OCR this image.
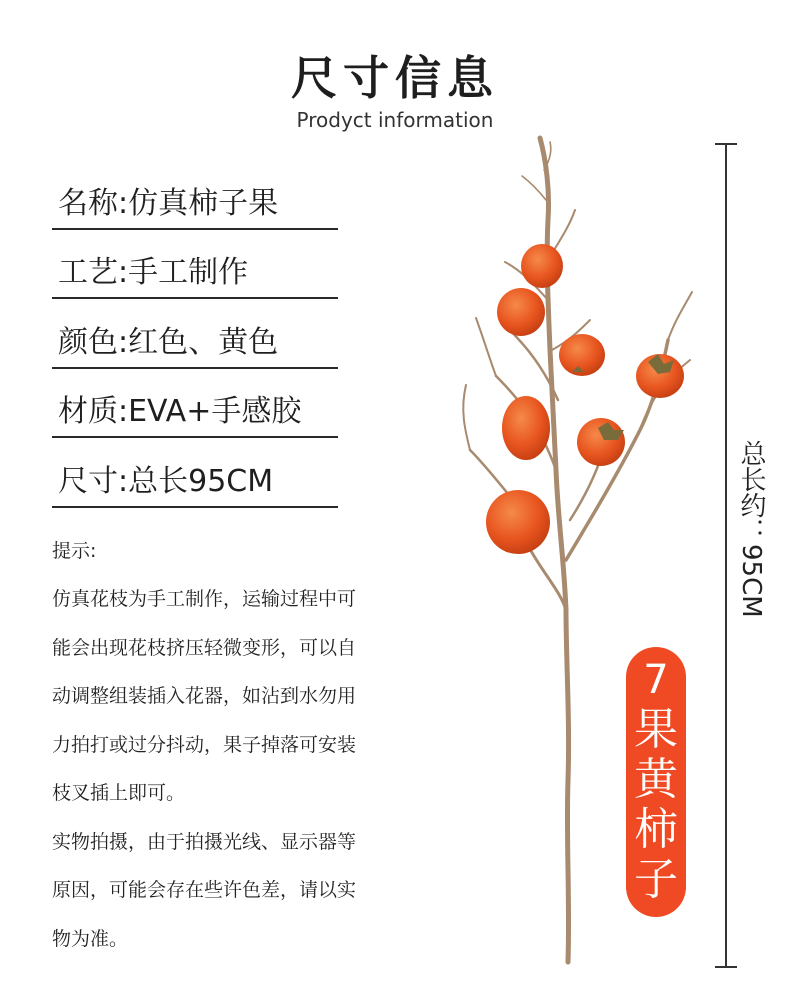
尺寸信息
Prodyct information
名称:仿真柿子果
工艺:手工制作
颜色:红色、黄色
材质:EVA+手感胶
尺寸:总长95CM
提示:
仿真花枝为手工制作，运输过程中可
能会出现花枝挤压轻微变形，可以自
动调整组装插入花器，如沾到水勿用
力拍打或过分抖动，果子掉落可安装
枝叉插上即可。
实物拍摄，由于拍摄光线、显示器等
原因，可能会存在些许色差，请以实
物为准。
7
果
黄
柿
子
总长约：95CM
